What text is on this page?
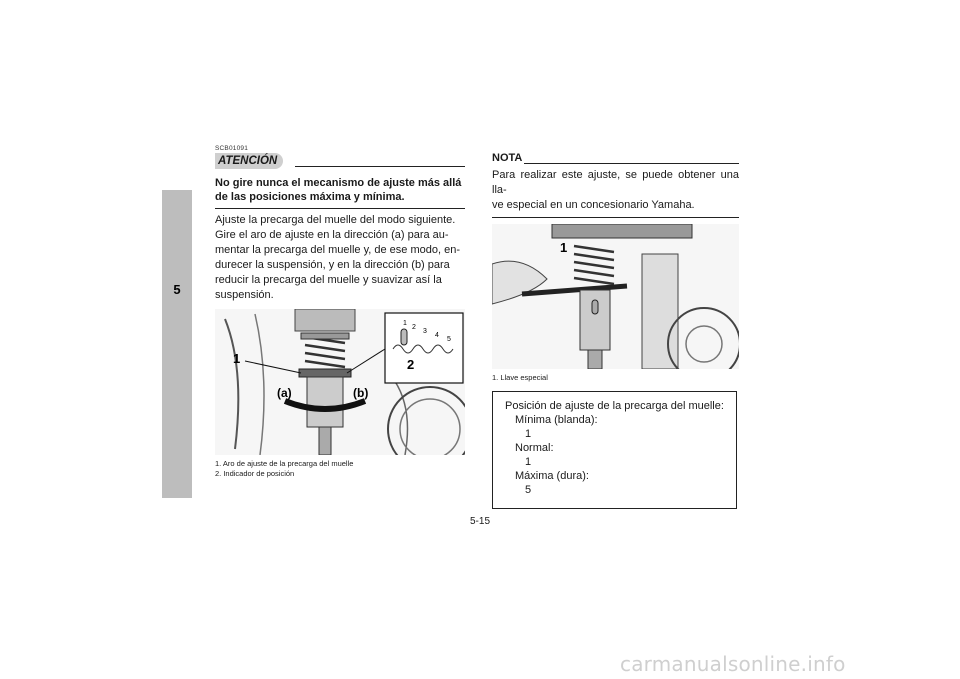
5

SCB01091

ATENCIÓN

No gire nunca el mecanismo de ajuste más allá
de las posiciones máxima y mínima.

Ajuste la precarga del muelle del modo siguiente.
Gire el aro de ajuste en la dirección (a) para au-
mentar la precarga del muelle y, de ese modo, en-
durecer la suspensión, y en la dirección (b) para
reducir la precarga del muelle y suavizar así la
suspensión.

1
(a)	(b)
1
2
3
4
5
2

1. Aro de ajuste de la precarga del muelle
2. Indicador de posición

NOTA

Para realizar este ajuste, se puede obtener una lla-
ve especial en un concesionario Yamaha.

1

1. Llave especial

Posición de ajuste de la precarga del muelle:

Mínima (blanda):

1

Normal:

1

Máxima (dura):

5

5-15
carmanualsonline.info
